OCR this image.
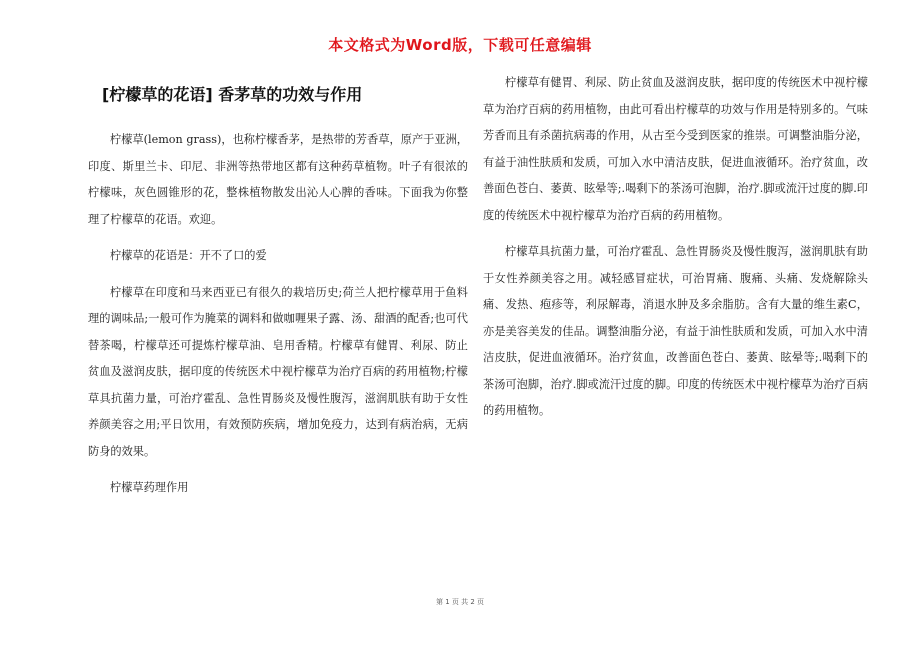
本文格式为Word版，下载可任意编辑
[柠檬草的花语] 香茅草的功效与作用

柠檬草(lemon grass)，也称柠檬香茅，是热带的芳香草，原产于亚洲，印度、斯里兰卡、印尼、非洲等热带地区都有这种药草植物。叶子有很浓的柠檬味，灰色圆锥形的花，整株植物散发出沁人心脾的香味。下面我为你整理了柠檬草的花语。欢迎。

柠檬草的花语是：开不了口的爱

柠檬草在印度和马来西亚已有很久的栽培历史;荷兰人把柠檬草用于鱼料理的调味品;一般可作为腌菜的调料和做咖喱果子露、汤、甜酒的配香;也可代替茶喝，柠檬草还可提炼柠檬草油、皂用香精。柠檬草有健胃、利尿、防止贫血及滋润皮肤，据印度的传统医术中视柠檬草为治疗百病的药用植物;柠檬草具抗菌力量，可治疗霍乱、急性胃肠炎及慢性腹泻，滋润肌肤有助于女性养颜美容之用;平日饮用，有效预防疾病，增加免疫力，达到有病治病，无病防身的效果。

柠檬草药理作用

柠檬草有健胃、利尿、防止贫血及滋润皮肤，据印度的传统医术中视柠檬草为治疗百病的药用植物，由此可看出柠檬草的功效与作用是特别多的。气味芳香而且有杀菌抗病毒的作用，从古至今受到医家的推崇。可调整油脂分泌，有益于油性肤质和发质，可加入水中清洁皮肤，促进血液循环。治疗贫血，改善面色苍白、萎黄、眩晕等;.喝剩下的茶汤可泡脚，治疗.脚或流汗过度的脚.印度的传统医术中视柠檬草为治疗百病的药用植物。

柠檬草具抗菌力量，可治疗霍乱、急性胃肠炎及慢性腹泻，滋润肌肤有助于女性养颜美容之用。减轻感冒症状，可治胃痛、腹痛、头痛、发烧解除头痛、发热、疱疹等，利尿解毒，消退水肿及多余脂肪。含有大量的维生素C，亦是美容美发的佳品。调整油脂分泌，有益于油性肤质和发质，可加入水中清洁皮肤，促进血液循环。治疗贫血，改善面色苍白、萎黄、眩晕等;.喝剩下的茶汤可泡脚，治疗.脚或流汗过度的脚。印度的传统医术中视柠檬草为治疗百病的药用植物。

第 1 页 共 2 页
